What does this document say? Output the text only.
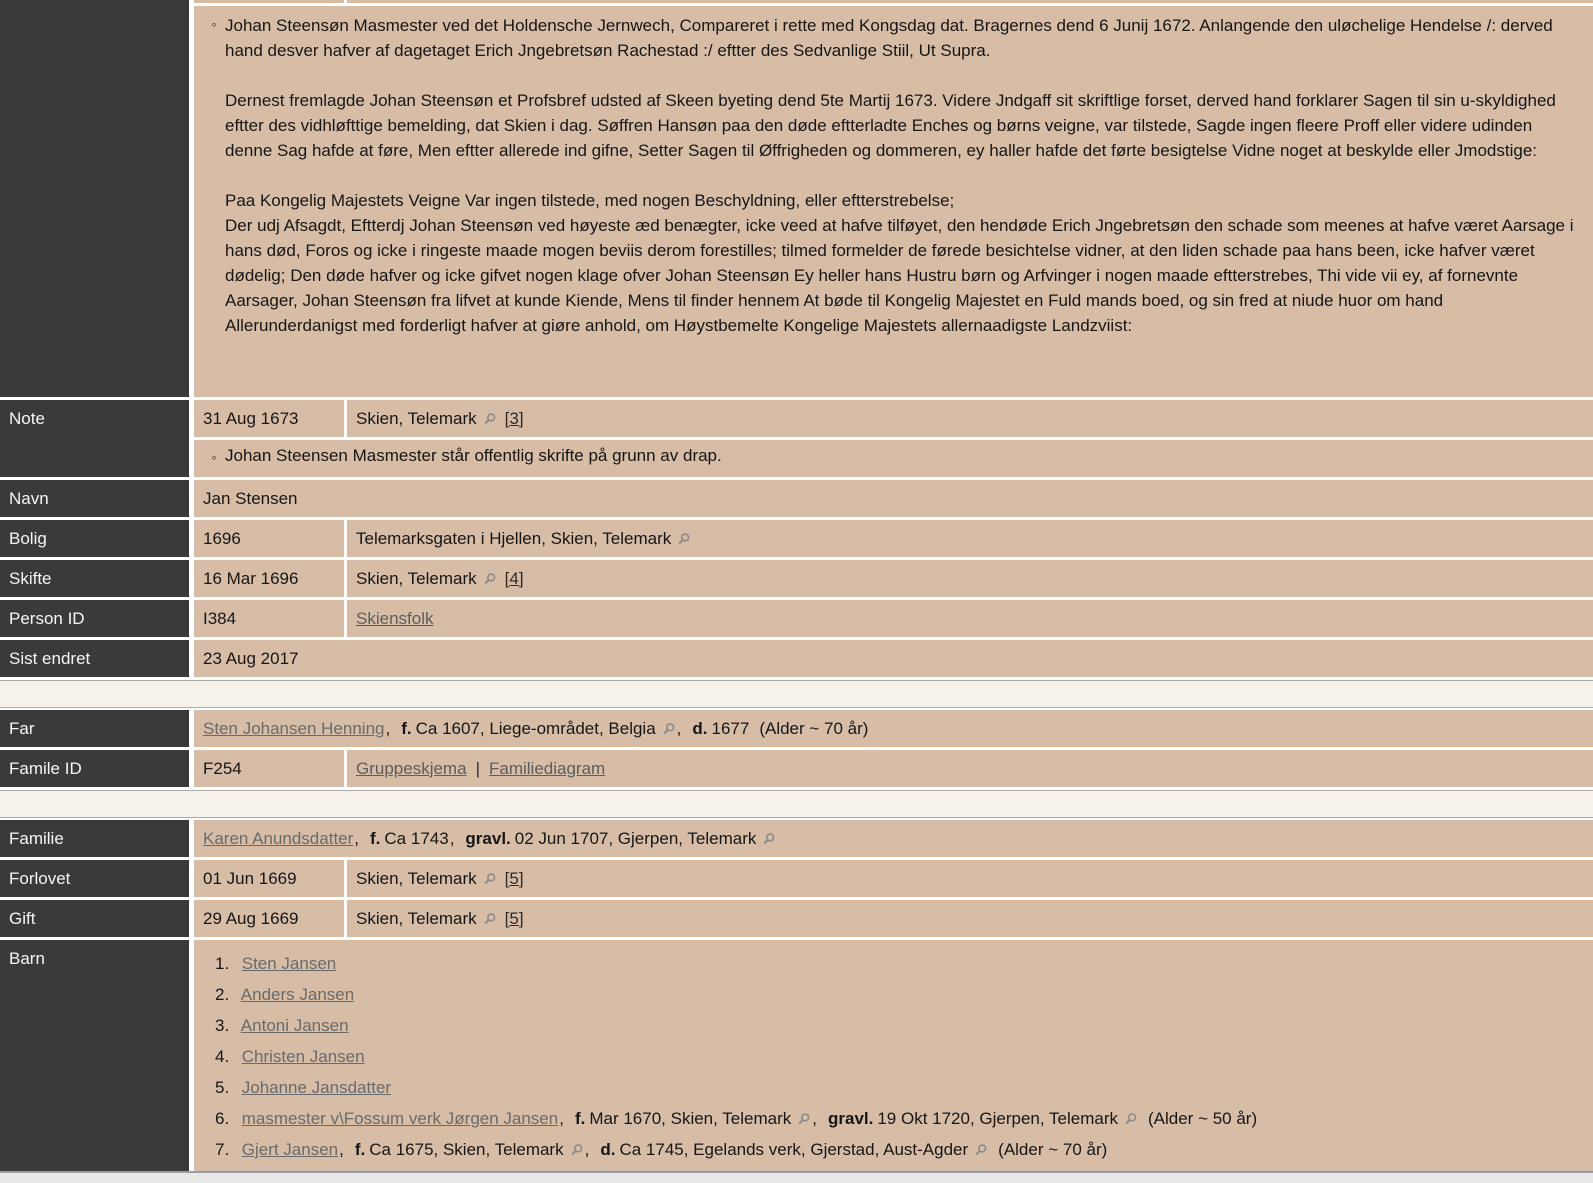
◦ Johan Steensøn Masmester ved det Holdensche Jernwech, Compareret i rette med Kongsdag dat. Bragernes dend 6 Junij 1672. Anlangende den uløchelige Hendelse /: derved hand desver hafver af dagetaget Erich Jngebretsøn Rachestad :/ eftter des Sedvanlige Stiil, Ut Supra.
Dernest fremlagde Johan Steensøn et Profsbref udsted af Skeen byeting dend 5te Martij 1673. Videre Jndgaff sit skriftlige forset, derved hand forklarer Sagen til sin u-skyldighed eftter des vidhløfttige bemelding, dat Skien i dag. Søffren Hansøn paa den døde eftterladte Enches og børns veigne, var tilstede, Sagde ingen fleere Proff eller videre udinden denne Sag hafde at føre, Men eftter allerede ind gifne, Setter Sagen til Øffrigheden og dommeren, ey haller hafde det førte besigtelse Vidne noget at beskylde eller Jmodstige:
Paa Kongelig Majestets Veigne Var ingen tilstede, med nogen Beschyldning, eller eftterstrebelse;
Der udj Afsagdt, Eftterdj Johan Steensøn ved høyeste æd benægter, icke veed at hafve tilføyet, den hendøde Erich Jngebretsøn den schade som meenes at hafve været Aarsage i hans død, Foros og icke i ringeste maade mogen beviis derom forestilles; tilmed formelder de førede besichtelse vidner, at den liden schade paa hans been, icke hafver været dødelig; Den døde hafver og icke gifvet nogen klage ofver Johan Steensøn Ey heller hans Hustru børn og Arfvinger i nogen maade eftterstrebes, Thi vide vii ey, af fornevnte Aarsager, Johan Steensøn fra lifvet at kunde Kiende, Mens til finder hennem At bøde til Kongelig Majestet en Fuld mands boed, og sin fred at niude huor om hand Allerunderdanigst med forderligt hafver at giøre anhold, om Høystbemelte Kongelige Majestets allernaadigste Landzviist:
Note	31 Aug 1673	Skien, Telemark [3]
◦ Johan Steensen Masmester står offentlig skrifte på grunn av drap.
Navn	Jan Stensen
Bolig	1696	Telemarksgaten i Hjellen, Skien, Telemark
Skifte	16 Mar 1696	Skien, Telemark [4]
Person ID	I384	Skiensfolk
Sist endret	23 Aug 2017
Far	Sten Johansen Henning , f. Ca 1607, Liege-området, Belgia , d. 1677 (Alder ~ 70 år)
Famile ID	F254	Gruppeskjema | Familiediagram
Familie	Karen Anundsdatter , f. Ca 1743 , gravl. 02 Jun 1707, Gjerpen, Telemark
Forlovet	01 Jun 1669	Skien, Telemark [5]
Gift	29 Aug 1669	Skien, Telemark [5]
Barn	1. Sten Jansen
2. Anders Jansen
3. Antoni Jansen
4. Christen Jansen
5. Johanne Jansdatter
6. masmester v\Fossum verk Jørgen Jansen, f. Mar 1670, Skien, Telemark , gravl. 19 Okt 1720, Gjerpen, Telemark (Alder ~ 50 år)
7. Gjert Jansen, f. Ca 1675, Skien, Telemark , d. Ca 1745, Egelands verk, Gjerstad, Aust-Agder (Alder ~ 70 år)
